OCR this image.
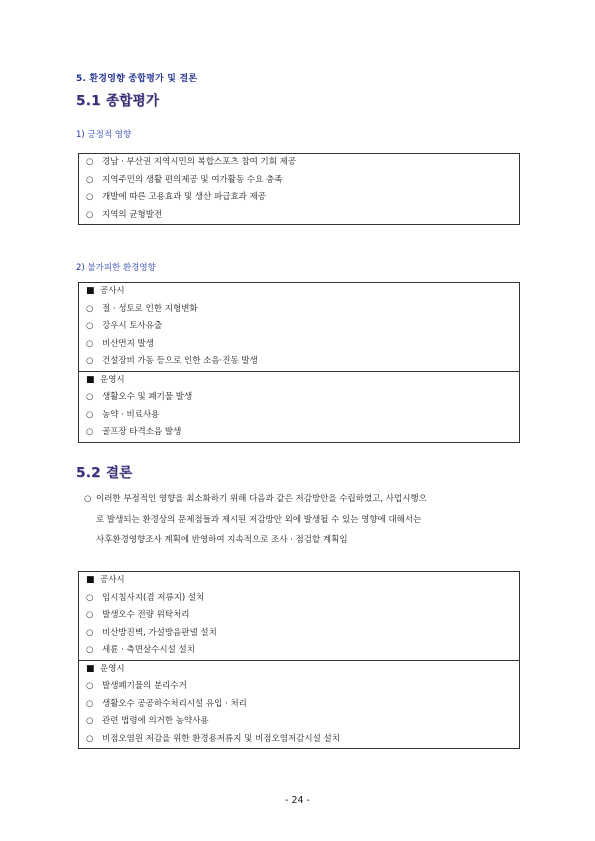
5. 환경영향 종합평가 및 결론
5.1 종합평가
1) 긍정적 영향
○ 경남 · 부산권 지역시민의 복합스포츠 참여 기회 제공
○ 지역주민의 생활 편의제공 및 여가활동 수요 충족
○ 개발에 따른 고용효과 및 생산 파급효과 제공
○ 지역의 균형발전
2) 불가피한 환경영향
■ 공사시
○ 절 · 성토로 인한 지형변화
○ 강우시 토사유출
○ 비산먼지 발생
○ 건설장비 가동 등으로 인한 소음·진동 발생
■ 운영시
○ 생활오수 및 폐기물 발생
○ 농약 · 비료사용
○ 골프장 타격소음 발생
5.2 결론
○ 이러한 부정적인 영향을 최소화하기 위해 다음과 같은 저감방안을 수립하였고, 사업시행으
로 발생되는 환경상의 문제점들과 제시된 저감방안 외에 발생될 수 있는 영향에 대해서는
사후환경영향조사 계획에 반영하여 지속적으로 조사 · 점검할 계획임
■ 공사시
○ 임시침사지(겸 저류지) 설치
○ 발생오수 전량 위탁처리
○ 비산방진벽, 가설방음판넬 설치
○ 세륜 · 측면살수시설 설치
■ 운영시
○ 발생폐기물의 분리수거
○ 생활오수 공공하수처리시설 유입 · 처리
○ 관련 법령에 의거한 농약사용
○ 비점오염원 저감을 위한 환경용저류지 및 비점오염저감시설 설치
- 24 -
